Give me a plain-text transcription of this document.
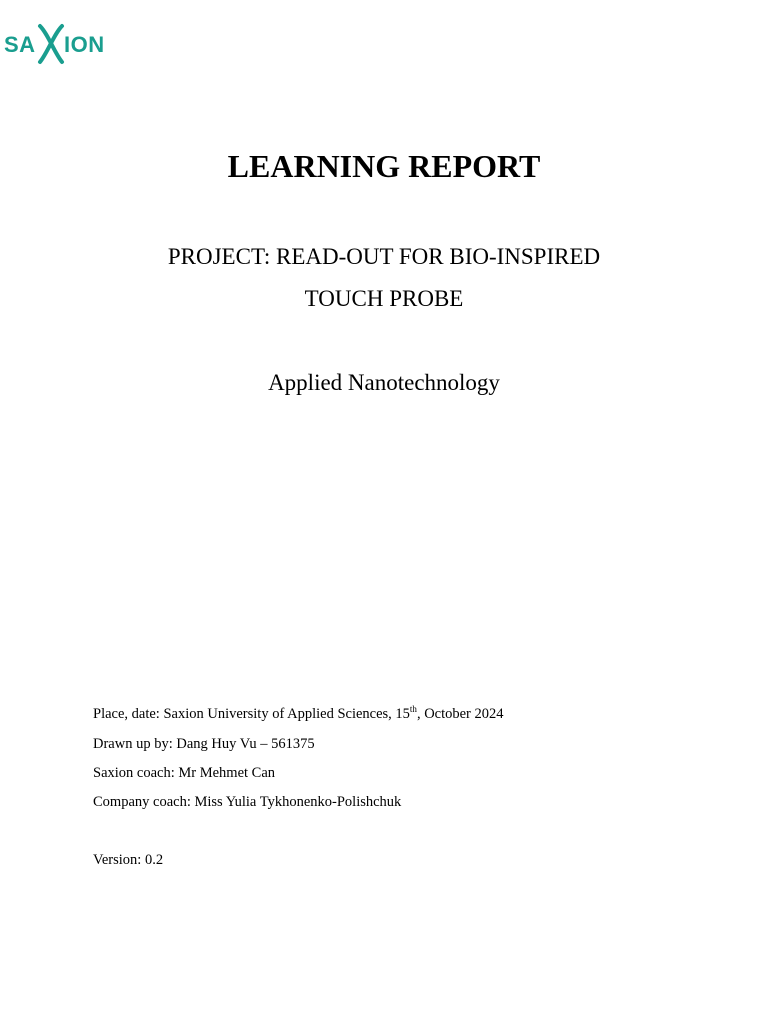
SA ION
LEARNING REPORT
PROJECT: READ-OUT FOR BIO-INSPIRED
TOUCH PROBE
Applied Nanotechnology
Place, date: Saxion University of Applied Sciences, 15th, October 2024
Drawn up by: Dang Huy Vu – 561375
Saxion coach: Mr Mehmet Can
Company coach: Miss Yulia Tykhonenko-Polishchuk
Version: 0.2
